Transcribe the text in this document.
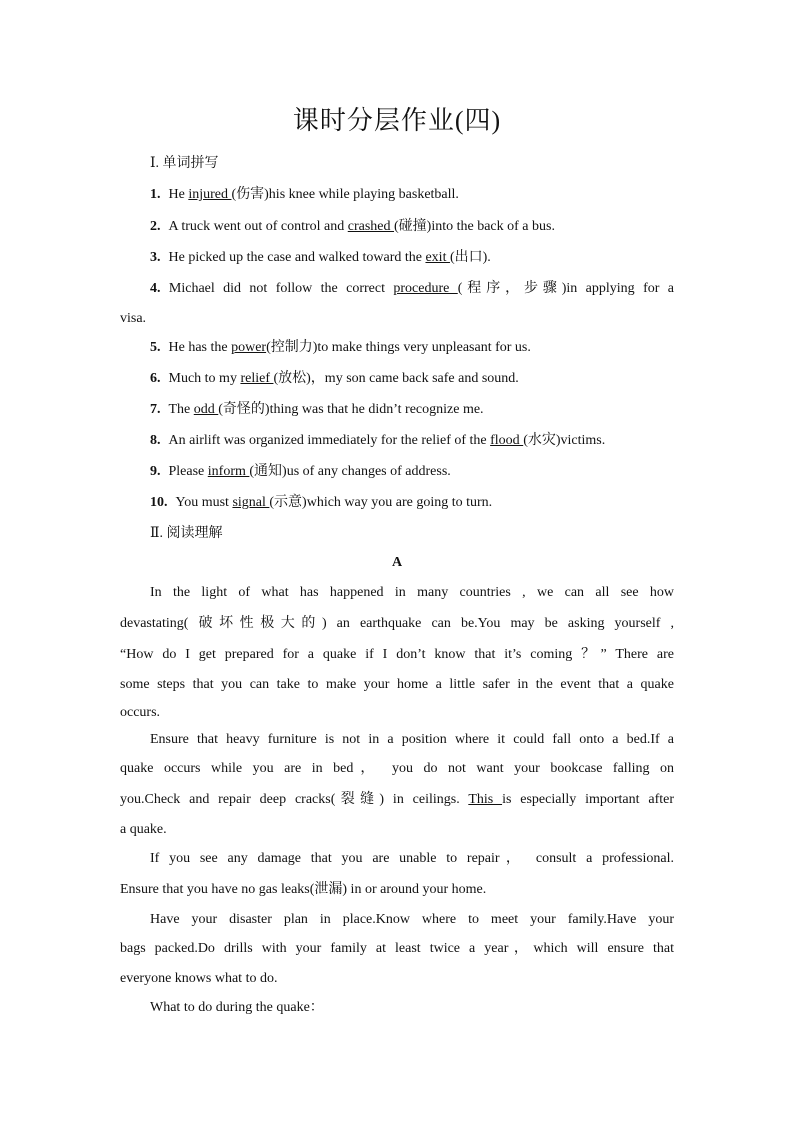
课时分层作业(四)
Ⅰ. 单词拼写
1. He injured (伤害)his knee while playing basketball.
2. A truck went out of control and crashed (碰撞)into the back of a bus.
3. He picked up the case and walked toward the exit (出口).
4. Michael did not follow the correct procedure (程序，步骤)in applying for a
visa.
5. He has the power(控制力)to make things very unpleasant for us.
6. Much to my relief (放松)，my son came back safe and sound.
7. The odd (奇怪的)thing was that he didn’t recognize me.
8. An airlift was organized immediately for the relief of the flood (水灾)victims.
9. Please inform (通知)us of any changes of address.
10. You must signal (示意)which way you are going to turn.
Ⅱ. 阅读理解
A
In the light of what has happened in many countries , we can all see how
devastating( 破坏性极大的) an earthquake can be.You may be asking yourself ,
“How do I get prepared for a quake if I don’t know that it’s coming ？” There are
some steps that you can take to make your home a little safer in the event that a quake
occurs.
Ensure that heavy furniture is not in a position where it could fall onto a bed.If a
quake occurs while you are in bed， you do not want your bookcase falling on
you.Check and repair deep cracks(裂缝) in ceilings. This is especially important after
a quake.
If you see any damage that you are unable to repair， consult a professional.
Ensure that you have no gas leaks(泄漏) in or around your home.
Have your disaster plan in place.Know where to meet your family.Have your
bags packed.Do drills with your family at least twice a year，which will ensure that
everyone knows what to do.
What to do during the quake：
